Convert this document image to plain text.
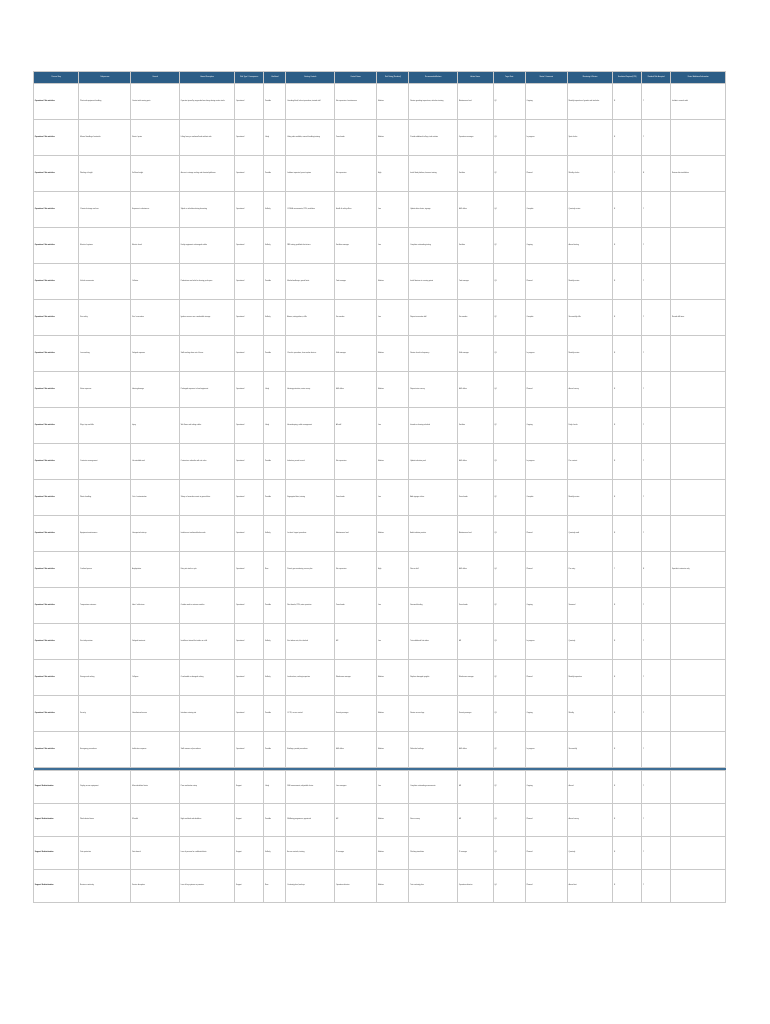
Process Step	Sub-process	Hazard	Hazard Description	Risk Type / Consequence	Likelihood	Existing Controls	Control Owner	Risk Rating (Residual)	Recommended Actions	Action Owner	Target Date	Status / Comments	Monitoring & Review	Escalation Required (Y/N)	Residual Risk Accepted	Notes / Additional Information
Operations / Site activities	Plant and equipment handling	Contact with moving parts	Operator injured by unguarded machinery during routine tasks	Operational	Possible	Guarding fitted; lockout procedure; trained staff	Site supervisor / maintenance	Medium	Review guarding inspections; refresher training	Maintenance lead	Q2	Ongoing	Monthly inspection of guards and interlocks	N	Y	Include in annual audit
Operations / Site activities	Manual handling of materials	Strain / sprain	Lifting heavy or awkward loads without aids	Operational	Likely	Lifting aids available; manual handling training	Team leader	Medium	Provide additional trolleys; task rotation	Operations manager	Q3	In progress	Spot checks	N	Y	
Operations / Site activities	Working at height	Fall from height	Access to storage racking and elevated platforms	Operational	Possible	Ladders inspected; permit system	Site supervisor	High	Install fixed platform; harness training	Facilities	Q2	Planned	Weekly checks	Y	N	Review after installation
Operations / Site activities	Chemical storage and use	Exposure to substances	Splash or inhalation during decanting	Operational	Unlikely	COSHH assessments; PPE; ventilation	Health & safety officer	Low	Update data sheets; signage	H&S officer	Q4	Complete	Quarterly review	N	Y	
Operations / Site activities	Electrical systems	Electric shock	Faulty equipment or damaged cables	Operational	Unlikely	PAT testing; qualified electricians	Facilities manager	Low	Complete outstanding testing	Facilities	Q2	Ongoing	Annual testing	N	Y	
Operations / Site activities	Vehicle movements	Collision	Pedestrians and vehicles sharing yard space	Operational	Possible	Marked walkways; speed limits	Yard manager	Medium	Install barriers at crossing points	Yard manager	Q3	Planned	Monthly review	N	Y	
Operations / Site activities	Fire safety	Fire / evacuation	Ignition sources near combustible storage	Operational	Unlikely	Alarms; extinguishers; drills	Fire warden	Low	Repeat evacuation drill	Fire warden	Q2	Complete	Six-monthly drills	N	Y	Record drill times
Operations / Site activities	Lone working	Delayed response	Staff working alone out of hours	Operational	Possible	Check-in procedure; lone worker devices	Shift manager	Medium	Review check-in frequency	Shift manager	Q3	In progress	Monthly review	N	Y	
Operations / Site activities	Noise exposure	Hearing damage	Prolonged exposure to loud equipment	Operational	Likely	Hearing protection; noise survey	H&S officer	Medium	Repeat noise survey	H&S officer	Q4	Planned	Annual survey	N	Y	
Operations / Site activities	Slips, trips and falls	Injury	Wet floors and trailing cables	Operational	Likely	Housekeeping; cable management	All staff	Low	Introduce cleaning schedule	Facilities	Q2	Ongoing	Daily checks	N	Y	
Operations / Site activities	Contractor management	Uncontrolled work	Contractors unfamiliar with site rules	Operational	Possible	Induction; permit to work	Site supervisor	Medium	Update induction pack	H&S officer	Q3	In progress	Per contract	N	Y	
Operations / Site activities	Waste handling	Cuts / contamination	Sharp or hazardous waste in general bins	Operational	Possible	Segregated bins; training	Team leader	Low	Add signage at bins	Team leader	Q2	Complete	Monthly review	N	Y	
Operations / Site activities	Equipment maintenance	Unexpected start-up	Isolation not confirmed before work	Operational	Unlikely	Lockout / tagout procedure	Maintenance lead	Medium	Audit isolation practice	Maintenance lead	Q3	Planned	Quarterly audit	N	Y	
Operations / Site activities	Confined spaces	Asphyxiation	Entry into tanks or pits	Operational	Rare	Permit; gas monitoring; rescue plan	Site supervisor	High	Rescue drill	H&S officer	Q4	Planned	Per entry	Y	N	Specialist contractor only
Operations / Site activities	Temperature extremes	Heat / cold stress	Outdoor work in extreme weather	Operational	Possible	Rest breaks; PPE; water provision	Team leader	Low	Seasonal briefing	Team leader	Q2	Ongoing	Seasonal	N	Y	
Operations / Site activities	First aid provision	Delayed treatment	Insufficient trained first aiders on shift	Operational	Unlikely	First aiders rota; kits checked	HR	Low	Train additional first aiders	HR	Q3	In progress	Quarterly	N	Y	
Operations / Site activities	Storage and racking	Collapse	Overloaded or damaged racking	Operational	Unlikely	Load notices; racking inspection	Warehouse manager	Medium	Replace damaged uprights	Warehouse manager	Q2	Planned	Monthly inspection	N	Y	
Operations / Site activities	Security	Unauthorised access	Intruders entering site	Operational	Possible	CCTV; access control	Security manager	Medium	Review access logs	Security manager	Q3	Ongoing	Weekly	N	Y	
Operations / Site activities	Emergency procedures	Ineffective response	Staff unaware of procedures	Operational	Possible	Briefings; posted procedures	H&S officer	Medium	Refresher briefings	H&S officer	Q2	In progress	Six-monthly	N	Y	

Support / Administration	Display screen equipment	Musculoskeletal strain	Poor workstation setup	Support	Likely	DSE assessments; adjustable chairs	Line managers	Low	Complete outstanding assessments	HR	Q2	Ongoing	Annual	N	Y	
Support / Administration	Work-related stress	Ill health	High workload and deadlines	Support	Possible	Wellbeing programme; appraisals	HR	Medium	Stress survey	HR	Q3	Planned	Annual survey	N	Y	
Support / Administration	Data protection	Data breach	Loss of personal or confidential data	Support	Unlikely	Access controls; training	IT manager	Medium	Phishing simulation	IT manager	Q3	Planned	Quarterly	N	Y	
Support / Administration	Business continuity	Service disruption	Loss of key systems or premises	Support	Rare	Continuity plan; backups	Operations director	Medium	Test continuity plan	Operations director	Q4	Planned	Annual test	N	Y	
